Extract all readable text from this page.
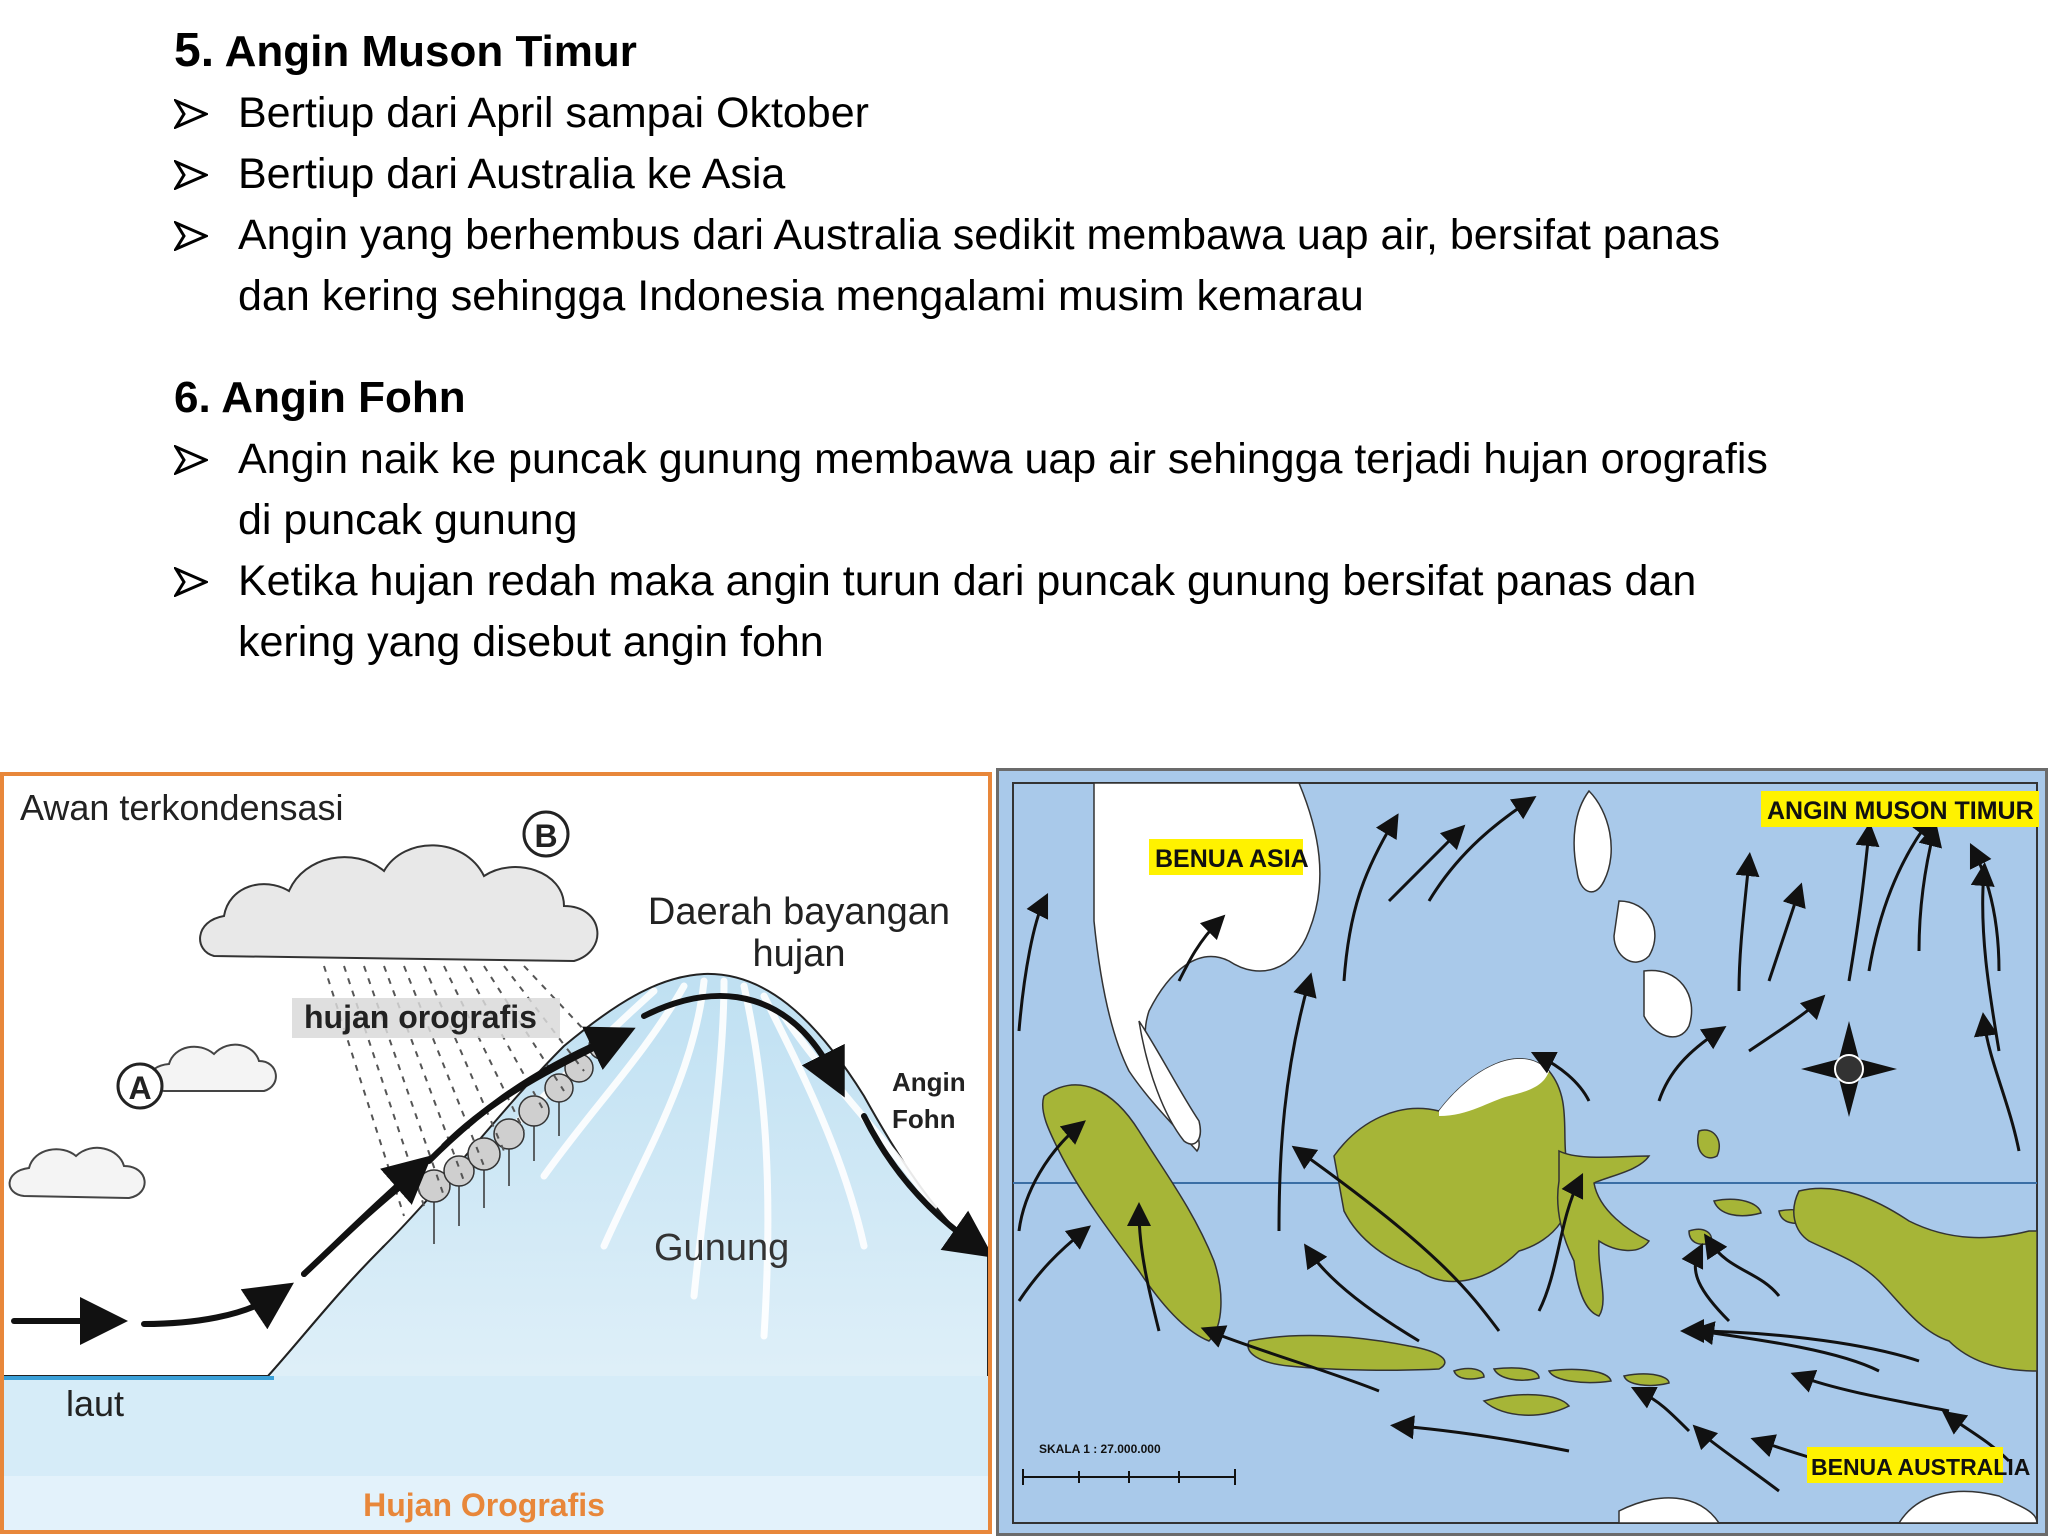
5. Angin Muson Timur
Bertiup dari April sampai Oktober
Bertiup dari Australia ke Asia
Angin yang berhembus dari Australia sedikit membawa uap air, bersifat panas
dan kering sehingga Indonesia mengalami musim kemarau
6. Angin Fohn
Angin naik ke puncak gunung membawa uap air sehingga terjadi hujan orografis
di puncak gunung
Ketika hujan redah maka angin turun dari puncak gunung bersifat panas dan
kering yang disebut angin fohn
hujan orografis
Awan terkondensasi
B
A
Daerah bayangan
hujan
Angin
Fohn
Gunung
laut
Hujan Orografis
BENUA ASIA
ANGIN MUSON TIMUR
BENUA AUSTRALIA
SKALA 1 : 27.000.000
